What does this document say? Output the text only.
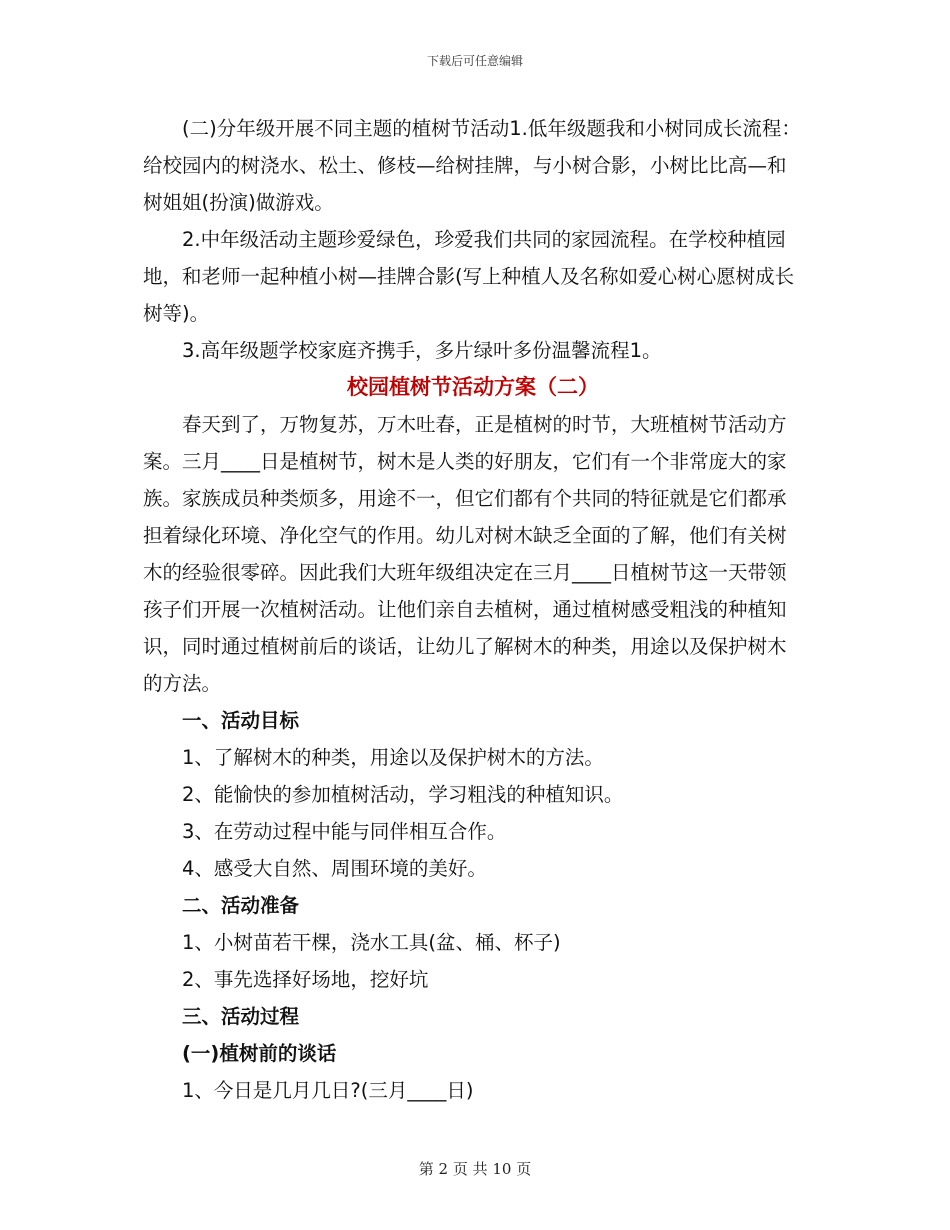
下载后可任意编辑

(二)分年级开展不同主题的植树节活动1.低年级题我和小树同成长流程：给校园内的树浇水、松土、修枝—给树挂牌，与小树合影，小树比比高—和树姐姐(扮演)做游戏。

2.中年级活动主题珍爱绿色，珍爱我们共同的家园流程。在学校种植园地，和老师一起种植小树—挂牌合影(写上种植人及名称如爱心树心愿树成长树等)。

3.高年级题学校家庭齐携手，多片绿叶多份温馨流程1。

校园植树节活动方案（二）

春天到了，万物复苏，万木吐春，正是植树的时节，大班植树节活动方案。三月____日是植树节，树木是人类的好朋友，它们有一个非常庞大的家族。家族成员种类烦多，用途不一，但它们都有个共同的特征就是它们都承担着绿化环境、净化空气的作用。幼儿对树木缺乏全面的了解，他们有关树木的经验很零碎。因此我们大班年级组决定在三月____日植树节这一天带领孩子们开展一次植树活动。让他们亲自去植树，通过植树感受粗浅的种植知识，同时通过植树前后的谈话，让幼儿了解树木的种类，用途以及保护树木的方法。

一、活动目标

1、了解树木的种类，用途以及保护树木的方法。

2、能愉快的参加植树活动，学习粗浅的种植知识。

3、在劳动过程中能与同伴相互合作。

4、感受大自然、周围环境的美好。

二、活动准备

1、小树苗若干棵，浇水工具(盆、桶、杯子)

2、事先选择好场地，挖好坑

三、活动过程

(一)植树前的谈话

1、今日是几月几日?(三月____日)

第 2 页 共 10 页
